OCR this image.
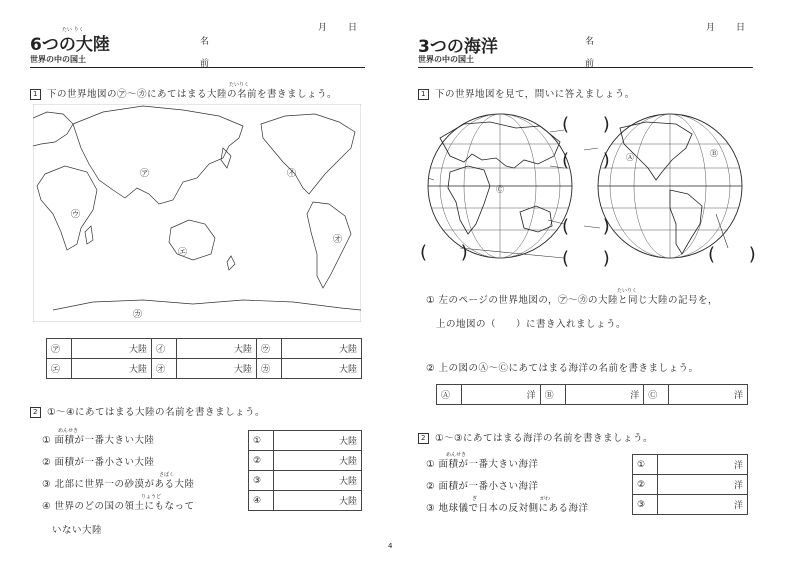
月 日
たい りく
6つの大陸
世界の中の国土
名
前
たいりく
1 下の世界地図の㋐～㋕にあてはまる大陸の名前を書きましょう。
㋐	㋑
㋒
㋓
㋔
㋕
㋐	大陸	㋑	大陸	㋒	大陸
㋓	大陸	㋔	大陸	㋕	大陸
2 ①～④にあてはまる大陸の名前を書きましょう。
めんせき
① 面積が一番大きい大陸
② 面積が一番小さい大陸
さばく
③ 北部に世界一の砂漠がある大陸
りょうど
④ 世界のどの国の領土にもなって
いない大陸
①	大陸
②	大陸
③	大陸
④	大陸
月 日
3つの海洋
世界の中の国土
名
前
1 下の世界地図を見て，問いに答えましょう。
Ⓒ
Ⓐ	Ⓑ
( )
( )
( )
( )
( )	( )
たいりく
① 左のページの世界地図の，㋐～㋕の大陸と同じ大陸の記号を，
上の地図の（　　）に書き入れましょう。
② 上の図のⒶ～Ⓒにあてはまる海洋の名前を書きましょう。
Ⓐ	洋	Ⓑ	洋	Ⓒ	洋
2 ①～③にあてはまる海洋の名前を書きましょう。
めんせき
① 面積が一番大きい海洋
② 面積が一番小さい海洋
ぎ	がわ
③ 地球儀で日本の反対側にある海洋
①	洋
②	洋
③	洋
4
